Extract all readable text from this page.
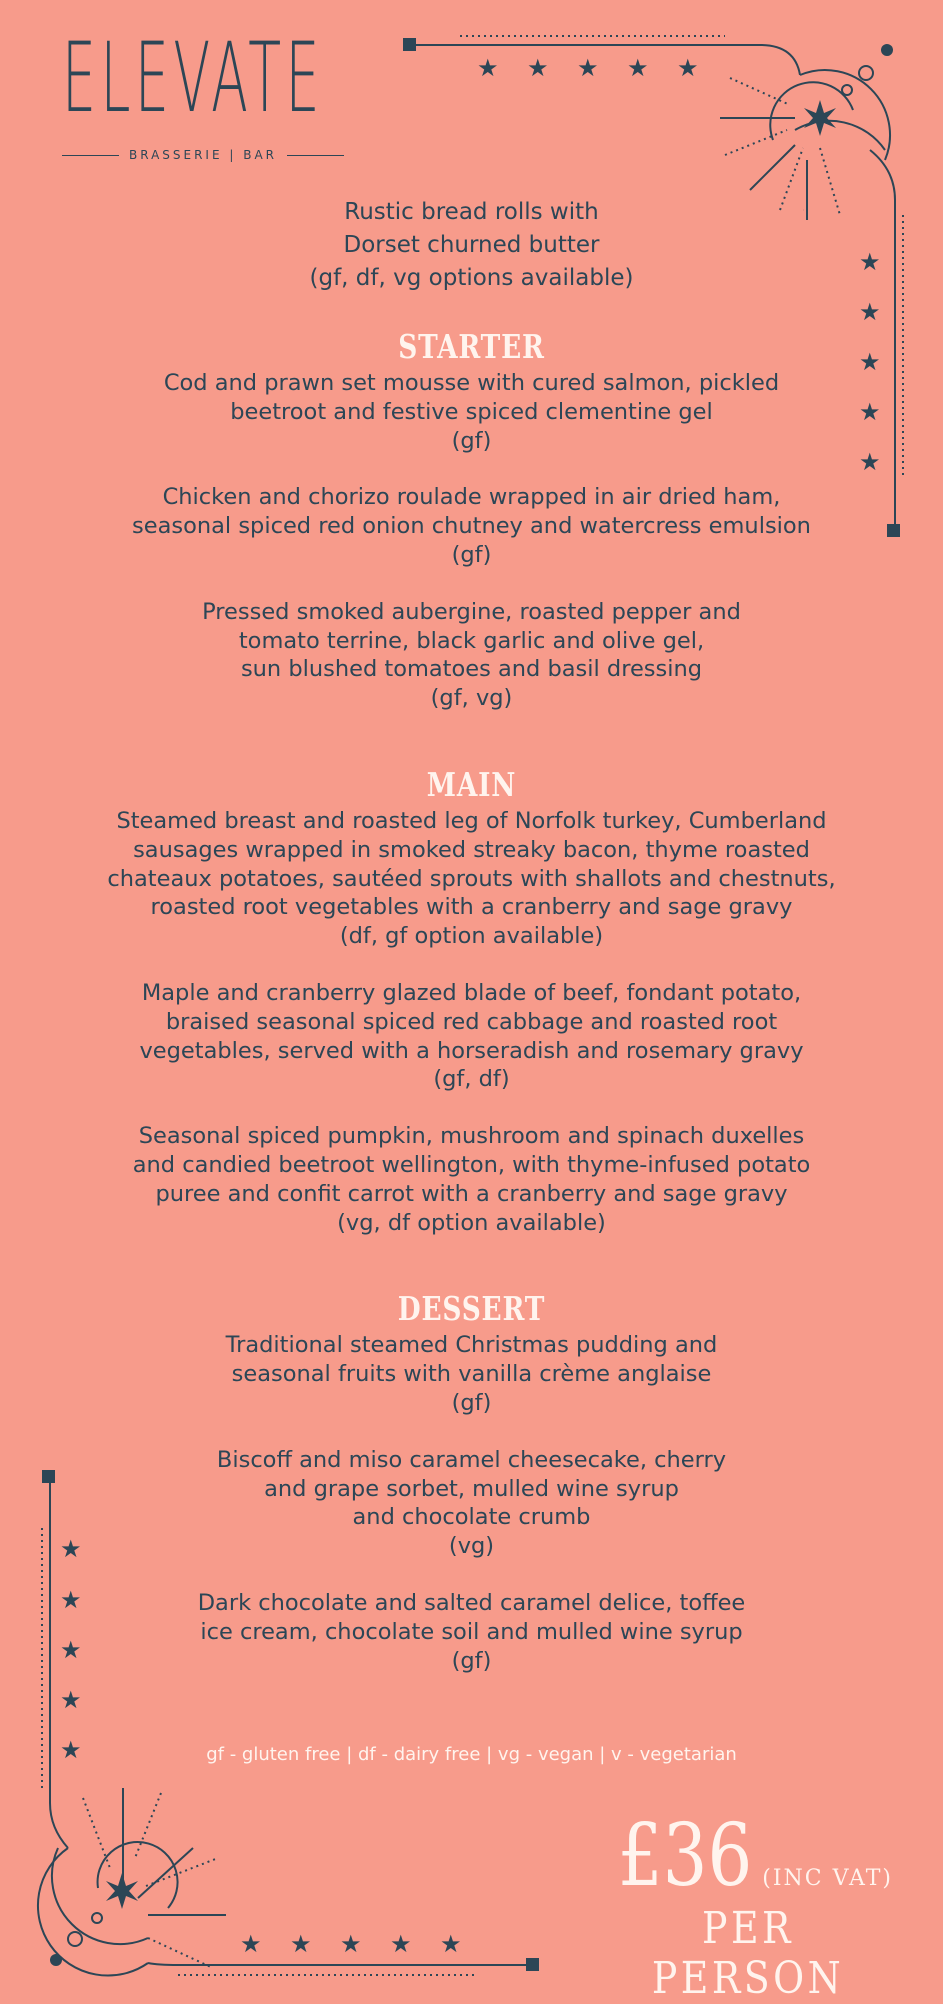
ELEVATE
BRASSERIE | BAR
★ ★ ★ ★ ★
★
★
★
★
★
★
★
★
★
★
★ ★ ★ ★ ★

Rustic bread rolls with
Dorset churned butter
(gf, df, vg options available)

STARTER

Cod and prawn set mousse with cured salmon, pickled
beetroot and festive spiced clementine gel
(gf)

Chicken and chorizo roulade wrapped in air dried ham,
seasonal spiced red onion chutney and watercress emulsion
(gf)

Pressed smoked aubergine, roasted pepper and
tomato terrine, black garlic and olive gel,
sun blushed tomatoes and basil dressing
(gf, vg)

MAIN

Steamed breast and roasted leg of Norfolk turkey, Cumberland
sausages wrapped in smoked streaky bacon, thyme roasted
chateaux potatoes, sautéed sprouts with shallots and chestnuts,
roasted root vegetables with a cranberry and sage gravy
(df, gf option available)

Maple and cranberry glazed blade of beef, fondant potato,
braised seasonal spiced red cabbage and roasted root
vegetables, served with a horseradish and rosemary gravy
(gf, df)

Seasonal spiced pumpkin, mushroom and spinach duxelles
and candied beetroot wellington, with thyme-infused potato
puree and confit carrot with a cranberry and sage gravy
(vg, df option available)

DESSERT

Traditional steamed Christmas pudding and
seasonal fruits with vanilla crème anglaise
(gf)

Biscoff and miso caramel cheesecake, cherry
and grape sorbet, mulled wine syrup
and chocolate crumb
(vg)

Dark chocolate and salted caramel delice, toffee
ice cream, chocolate soil and mulled wine syrup
(gf)

gf - gluten free | df - dairy free | vg - vegan | v - vegetarian
£36 (INC VAT)
PER PERSON
